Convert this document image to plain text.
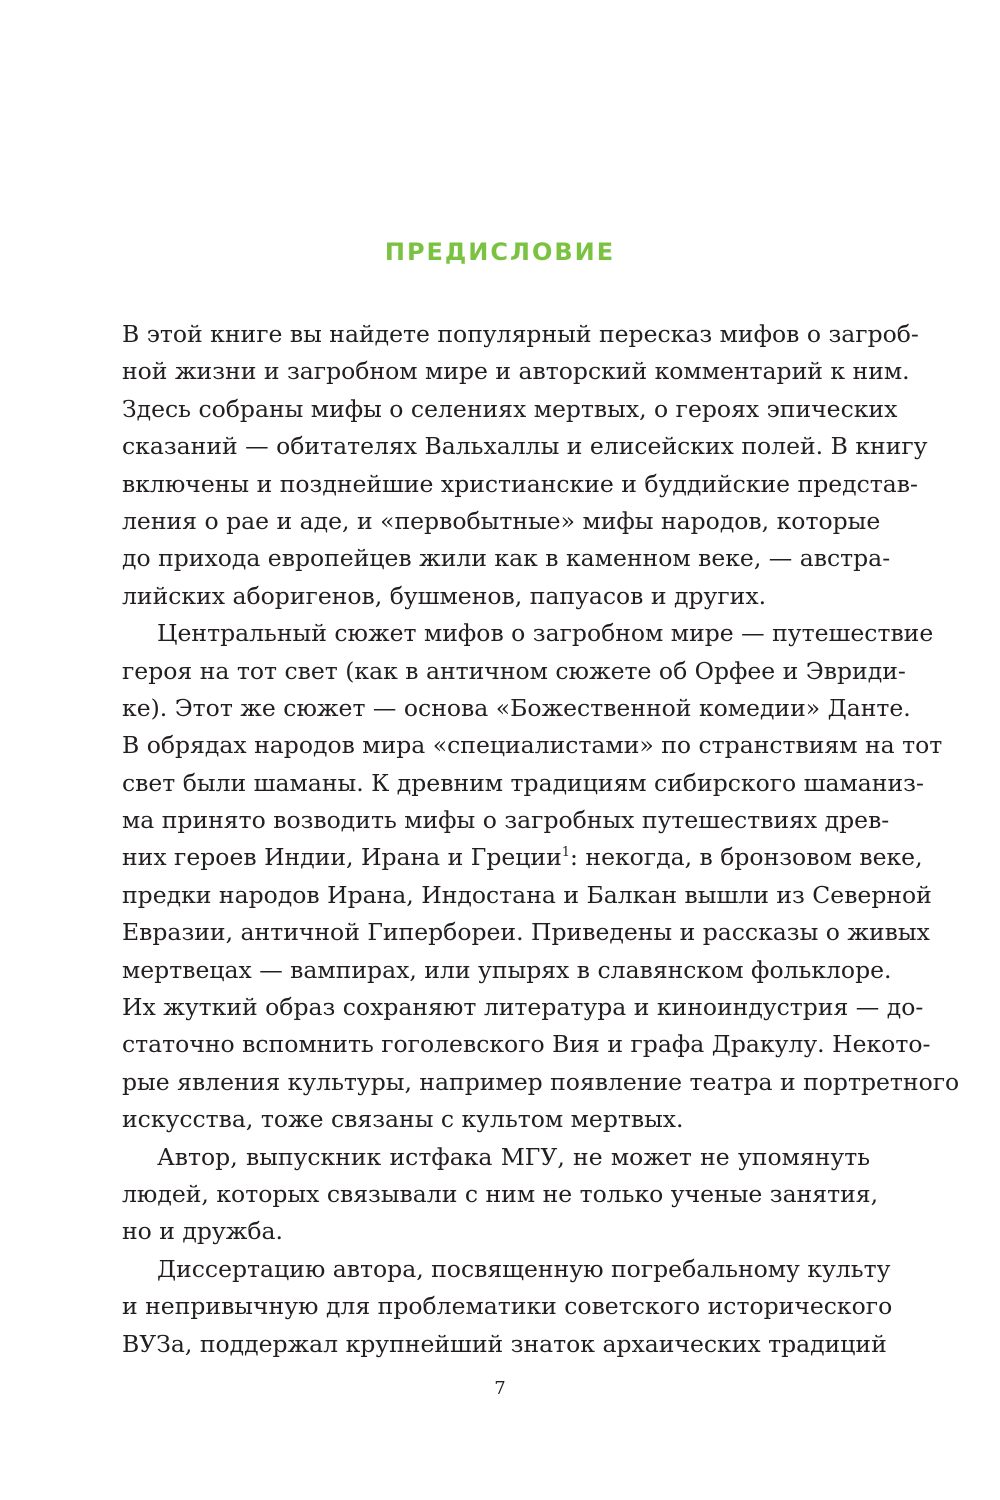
ПРЕДИСЛОВИЕ
В этой книге вы найдете популярный пересказ мифов о загроб-
ной жизни и загробном мире и авторский комментарий к ним.
Здесь собраны мифы о селениях мертвых, о героях эпических
сказаний — обитателях Вальхаллы и елисейских полей. В книгу
включены и позднейшие христианские и буддийские представ-
ления о рае и аде, и «первобытные» мифы народов, которые
до прихода европейцев жили как в каменном веке, — австра-
лийских аборигенов, бушменов, папуасов и других.
Центральный сюжет мифов о загробном мире — путешествие
героя на тот свет (как в античном сюжете об Орфее и Эвриди-
ке). Этот же сюжет — основа «Божественной комедии» Данте.
В обрядах народов мира «специалистами» по странствиям на тот
свет были шаманы. К древним традициям сибирского шаманиз-
ма принято возводить мифы о загробных путешествиях древ-
них героев Индии, Ирана и Греции$^1$: некогда, в бронзовом веке,
предки народов Ирана, Индостана и Балкан вышли из Северной
Евразии, античной Гипербореи. Приведены и рассказы о живых
мертвецах — вампирах, или упырях в славянском фольклоре.
Их жуткий образ сохраняют литература и киноиндустрия — до-
статочно вспомнить гоголевского Вия и графа Дракулу. Некото-
рые явления культуры, например появление театра и портретного
искусства, тоже связаны с культом мертвых.
Автор, выпускник истфака МГУ, не может не упомянуть
людей, которых связывали с ним не только ученые занятия,
но и дружба.
Диссертацию автора, посвященную погребальному культу
и непривычную для проблематики советского исторического
ВУЗа, поддержал крупнейший знаток архаических традиций
7
